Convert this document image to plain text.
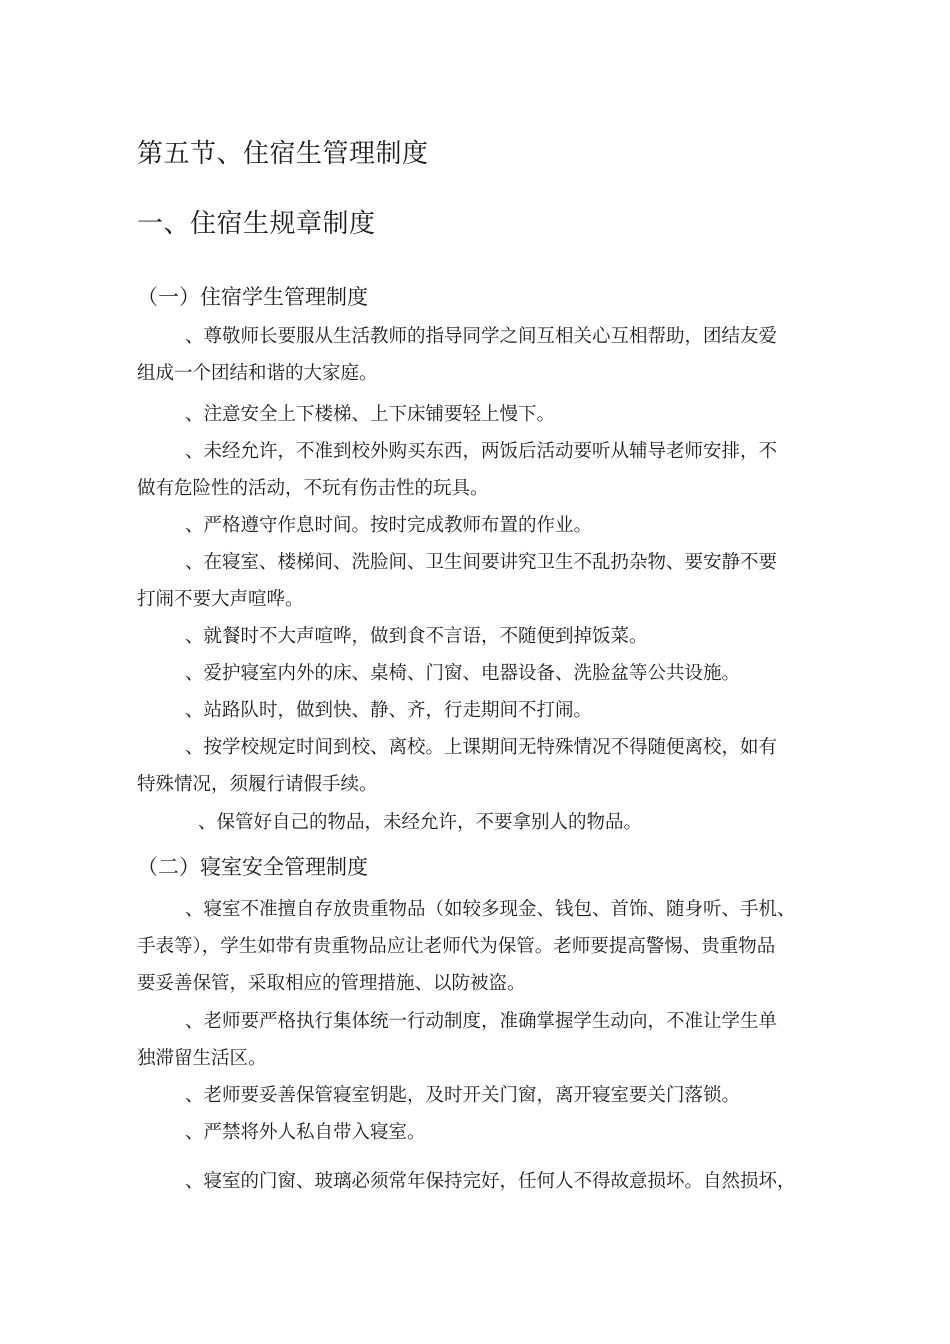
第五节、住宿生管理制度
一、住宿生规章制度
（一）住宿学生管理制度
、尊敬师长要服从生活教师的指导同学之间互相关心互相帮助，团结友爱
组成一个团结和谐的大家庭。
、注意安全上下楼梯、上下床铺要轻上慢下。
、未经允许，不准到校外购买东西，两饭后活动要听从辅导老师安排，不
做有危险性的活动，不玩有伤击性的玩具。
、严格遵守作息时间。按时完成教师布置的作业。
、在寝室、楼梯间、洗脸间、卫生间要讲究卫生不乱扔杂物、要安静不要
打闹不要大声喧哗。
、就餐时不大声喧哗，做到食不言语，不随便到掉饭菜。
、爱护寝室内外的床、桌椅、门窗、电器设备、洗脸盆等公共设施。
、站路队时，做到快、静、齐，行走期间不打闹。
、按学校规定时间到校、离校。上课期间无特殊情况不得随便离校，如有
特殊情况，须履行请假手续。
、保管好自己的物品，未经允许，不要拿别人的物品。
（二）寝室安全管理制度
、寝室不准擅自存放贵重物品（如较多现金、钱包、首饰、随身听、手机、
手表等），学生如带有贵重物品应让老师代为保管。老师要提高警惕、贵重物品
要妥善保管，采取相应的管理措施、以防被盗。
、老师要严格执行集体统一行动制度，准确掌握学生动向，不准让学生单
独滞留生活区。
、老师要妥善保管寝室钥匙，及时开关门窗，离开寝室要关门落锁。
、严禁将外人私自带入寝室。
、寝室的门窗、玻璃必须常年保持完好，任何人不得故意损坏。自然损坏，
